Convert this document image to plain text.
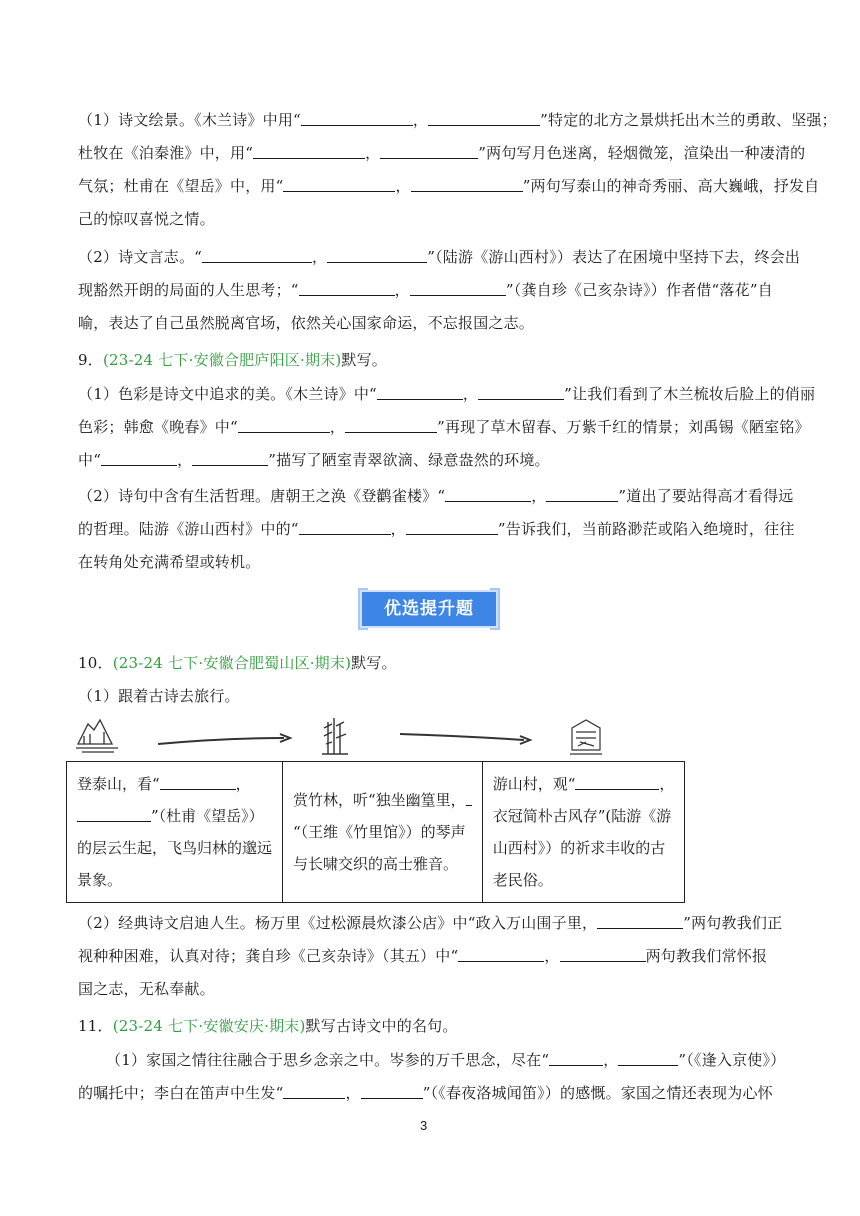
（1）诗文绘景。《木兰诗》中用“	，	”特定的北方之景烘托出木兰的勇敢、坚强；
杜牧在《泊秦淮》中，用“	，	”两句写月色迷离，轻烟微笼，渲染出一种凄清的
气氛；杜甫在《望岳》中，用“	，	”两句写泰山的神奇秀丽、高大巍峨，抒发自
己的惊叹喜悦之情。
（2）诗文言志。“	，	”（陆游《游山西村》）表达了在困境中坚持下去，终会出
现豁然开朗的局面的人生思考；“	，	”（龚自珍《己亥杂诗》）作者借“落花”自
喻，表达了自己虽然脱离官场，依然关心国家命运，不忘报国之志。
9．(23-24 七下·安徽合肥庐阳区·期末)默写。
（1）色彩是诗文中追求的美。《木兰诗》中“	，	”让我们看到了木兰梳妆后脸上的俏丽
色彩；韩愈《晚春》中“	，	”再现了草木留春、万紫千红的情景；刘禹锡《陋室铭》
中“	，	”描写了陋室青翠欲滴、绿意盎然的环境。
（2）诗句中含有生活哲理。唐朝王之涣《登鹳雀楼》“	，	”道出了要站得高才看得远
的哲理。陆游《游山西村》中的“	，	”告诉我们，当前路渺茫或陷入绝境时，往往
在转角处充满希望或转机。
优选提升题
10．(23-24 七下·安徽合肥蜀山区·期末)默写。
（1）跟着古诗去旅行。
登泰山，看“	，
”（杜甫《望岳》）
的层云生起，飞鸟归林的邈远
景象。

赏竹林，听“独坐幽篁里，
“（王维《竹里馆》）的琴声
与长啸交织的高士雅音。

游山村，观“	，
衣冠简朴古风存”(陆游《游
山西村》）的祈求丰收的古
老民俗。
（2）经典诗文启迪人生。杨万里《过松源晨炊漆公店》中“政入万山围子里，	”两句教我们正
视种种困难，认真对待；龚自珍《己亥杂诗》（其五）中“	，	两句教我们常怀报
国之志，无私奉献。
11．(23-24 七下·安徽安庆·期末)默写古诗文中的名句。
（1）家国之情往往融合于思乡念亲之中。岑参的万千思念，尽在“	，	”（《逢入京使》）
的嘱托中；李白在笛声中生发“	，	”（《春夜洛城闻笛》）的感慨。家国之情还表现为心怀
3
